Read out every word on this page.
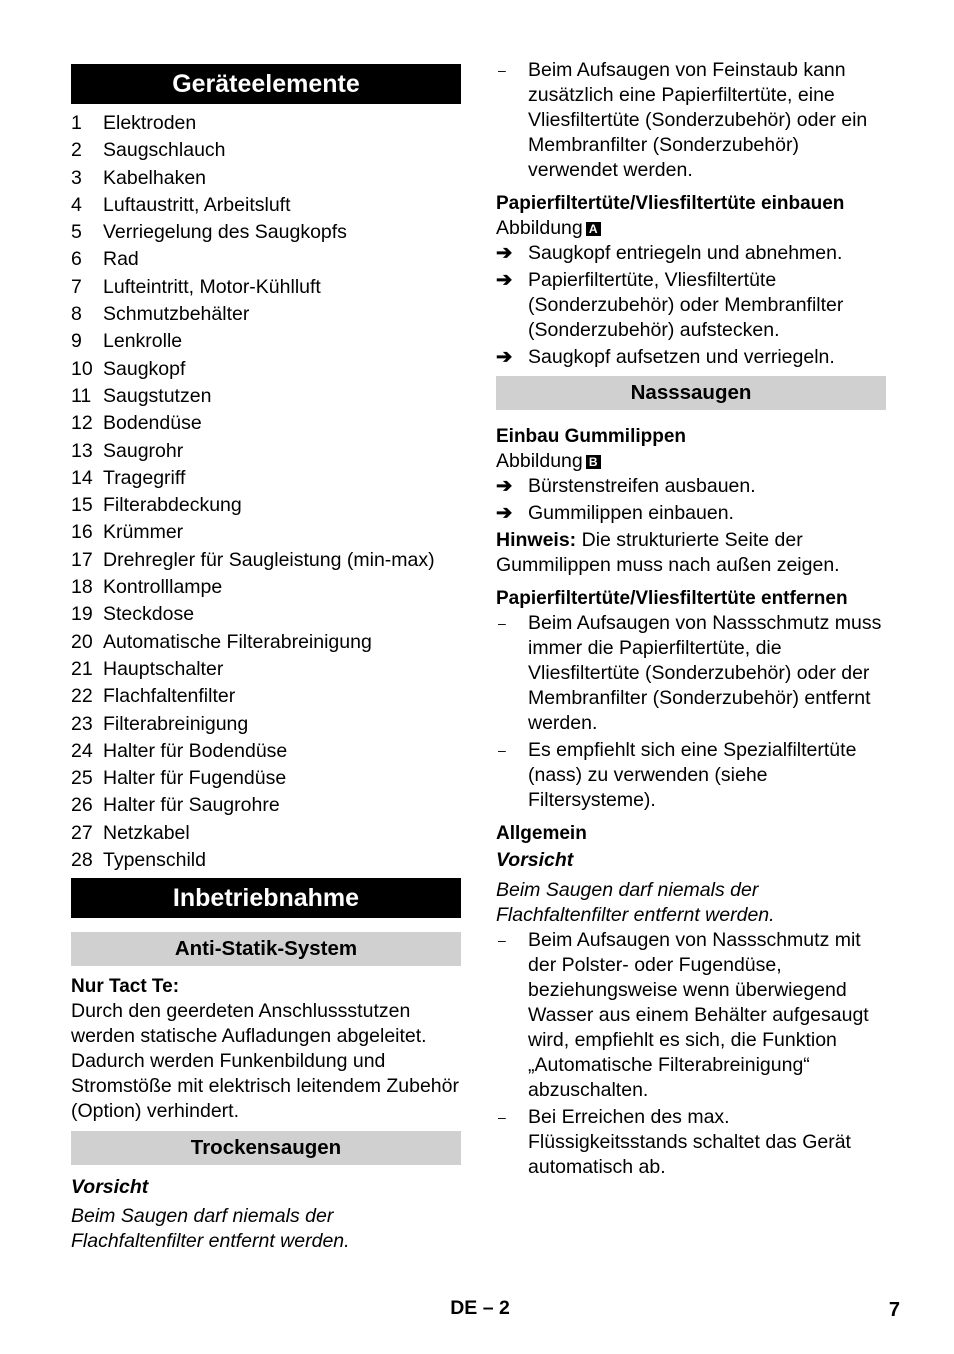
Geräteelemente
1	Elektroden
2	Saugschlauch
3	Kabelhaken
4	Luftaustritt, Arbeitsluft
5	Verriegelung des Saugkopfs
6	Rad
7	Lufteintritt, Motor-Kühlluft
8	Schmutzbehälter
9	Lenkrolle
10 Saugkopf
11 Saugstutzen
12 Bodendüse
13 Saugrohr
14 Tragegriff
15 Filterabdeckung
16 Krümmer
17 Drehregler für Saugleistung (min-max)
18 Kontrolllampe
19 Steckdose
20 Automatische Filterabreinigung
21 Hauptschalter
22 Flachfaltenfilter
23 Filterabreinigung
24 Halter für Bodendüse
25 Halter für Fugendüse
26 Halter für Saugrohre
27 Netzkabel
28 Typenschild
Inbetriebnahme
Anti-Statik-System
Nur Tact Te:
Durch den geerdeten Anschlussstutzen werden statische Aufladungen abgeleitet. Dadurch werden Funkenbildung und Stromstöße mit elektrisch leitendem Zubehör (Option) verhindert.
Trockensaugen
Vorsicht
Beim Saugen darf niemals der Flachfaltenfilter entfernt werden.
–	Beim Aufsaugen von Feinstaub kann zusätzlich eine Papierfiltertüte, eine Vliesfiltertüte (Sonderzubehör) oder ein Membranfilter (Sonderzubehör) verwendet werden.
Papierfiltertüte/Vliesfiltertüte einbauen
Abbildung A
➔ Saugkopf entriegeln und abnehmen.
➔ Papierfiltertüte, Vliesfiltertüte (Sonderzubehör) oder Membranfilter (Sonderzubehör) aufstecken.
➔ Saugkopf aufsetzen und verriegeln.
Nasssaugen
Einbau Gummilippen
Abbildung B
➔ Bürstenstreifen ausbauen.
➔ Gummilippen einbauen.
Hinweis: Die strukturierte Seite der Gummilippen muss nach außen zeigen.
Papierfiltertüte/Vliesfiltertüte entfernen
–	Beim Aufsaugen von Nassschmutz muss immer die Papierfiltertüte, die Vliesfiltertüte (Sonderzubehör) oder der Membranfilter (Sonderzubehör) entfernt werden.
–	Es empfiehlt sich eine Spezialfiltertüte (nass) zu verwenden (siehe Filtersysteme).
Allgemein
Vorsicht
Beim Saugen darf niemals der Flachfaltenfilter entfernt werden.
–	Beim Aufsaugen von Nassschmutz mit der Polster- oder Fugendüse, beziehungsweise wenn überwiegend Wasser aus einem Behälter aufgesaugt wird, empfiehlt es sich, die Funktion „Automatische Filterabreinigung“ abzuschalten.
–	Bei Erreichen des max. Flüssigkeitsstands schaltet das Gerät automatisch ab.
DE – 2	7
